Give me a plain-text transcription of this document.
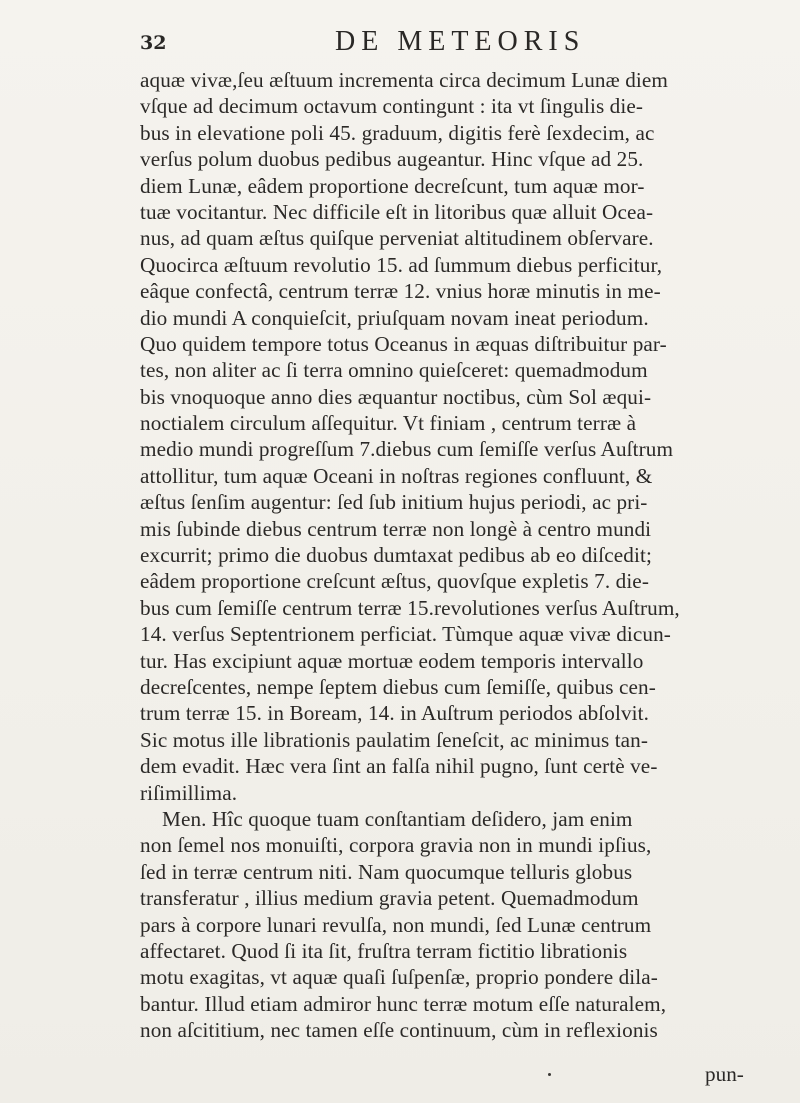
32	DE METEORIS
aquæ vivæ,ſeu æſtuum incrementa circa decimum Lunæ diem
vſque ad decimum octavum contingunt : ita vt ſingulis die-
bus in elevatione poli 45. graduum, digitis ferè ſexdecim, ac
verſus polum duobus pedibus augeantur. Hinc vſque ad 25.
diem Lunæ, eâdem proportione decreſcunt, tum aquæ mor-
tuæ vocitantur. Nec difficile eſt in litoribus quæ alluit Ocea-
nus, ad quam æſtus quiſque perveniat altitudinem obſervare.
Quocirca æſtuum revolutio 15. ad ſummum diebus perficitur,
eâque confectâ, centrum terræ 12. vnius horæ minutis in me-
dio mundi A conquieſcit, priuſquam novam ineat periodum.
Quo quidem tempore totus Oceanus in æquas diſtribuitur par-
tes, non aliter ac ſi terra omnino quieſceret: quemadmodum
bis vnoquoque anno dies æquantur noctibus, cùm Sol æqui-
noctialem circulum aſſequitur. Vt finiam , centrum terræ à
medio mundi progreſſum 7.diebus cum ſemiſſe verſus Auſtrum
attollitur, tum aquæ Oceani in noſtras regiones confluunt, &
æſtus ſenſim augentur: ſed ſub initium hujus periodi, ac pri-
mis ſubinde diebus centrum terræ non longè à centro mundi
excurrit; primo die duobus dumtaxat pedibus ab eo diſcedit;
eâdem proportione creſcunt æſtus, quovſque expletis 7. die-
bus cum ſemiſſe centrum terræ 15.revolutiones verſus Auſtrum,
14. verſus Septentrionem perficiat. Tùmque aquæ vivæ dicun-
tur. Has excipiunt aquæ mortuæ eodem temporis intervallo
decreſcentes, nempe ſeptem diebus cum ſemiſſe, quibus cen-
trum terræ 15. in Boream, 14. in Auſtrum periodos abſolvit.
Sic motus ille librationis paulatim ſeneſcit, ac minimus tan-
dem evadit. Hæc vera ſint an falſa nihil pugno, ſunt certè ve-
riſimillima.
Men. Hîc quoque tuam conſtantiam deſidero, jam enim
non ſemel nos monuiſti, corpora gravia non in mundi ipſius,
ſed in terræ centrum niti. Nam quocumque telluris globus
transferatur , illius medium gravia petent. Quemadmodum
pars à corpore lunari revulſa, non mundi, ſed Lunæ centrum
affectaret. Quod ſi ita ſit, fruſtra terram fictitio librationis
motu exagitas, vt aquæ quaſi ſuſpenſæ, proprio pondere dila-
bantur. Illud etiam admiror hunc terræ motum eſſe naturalem,
non aſcititium, nec tamen eſſe continuum, cùm in reflexionis
pun-
